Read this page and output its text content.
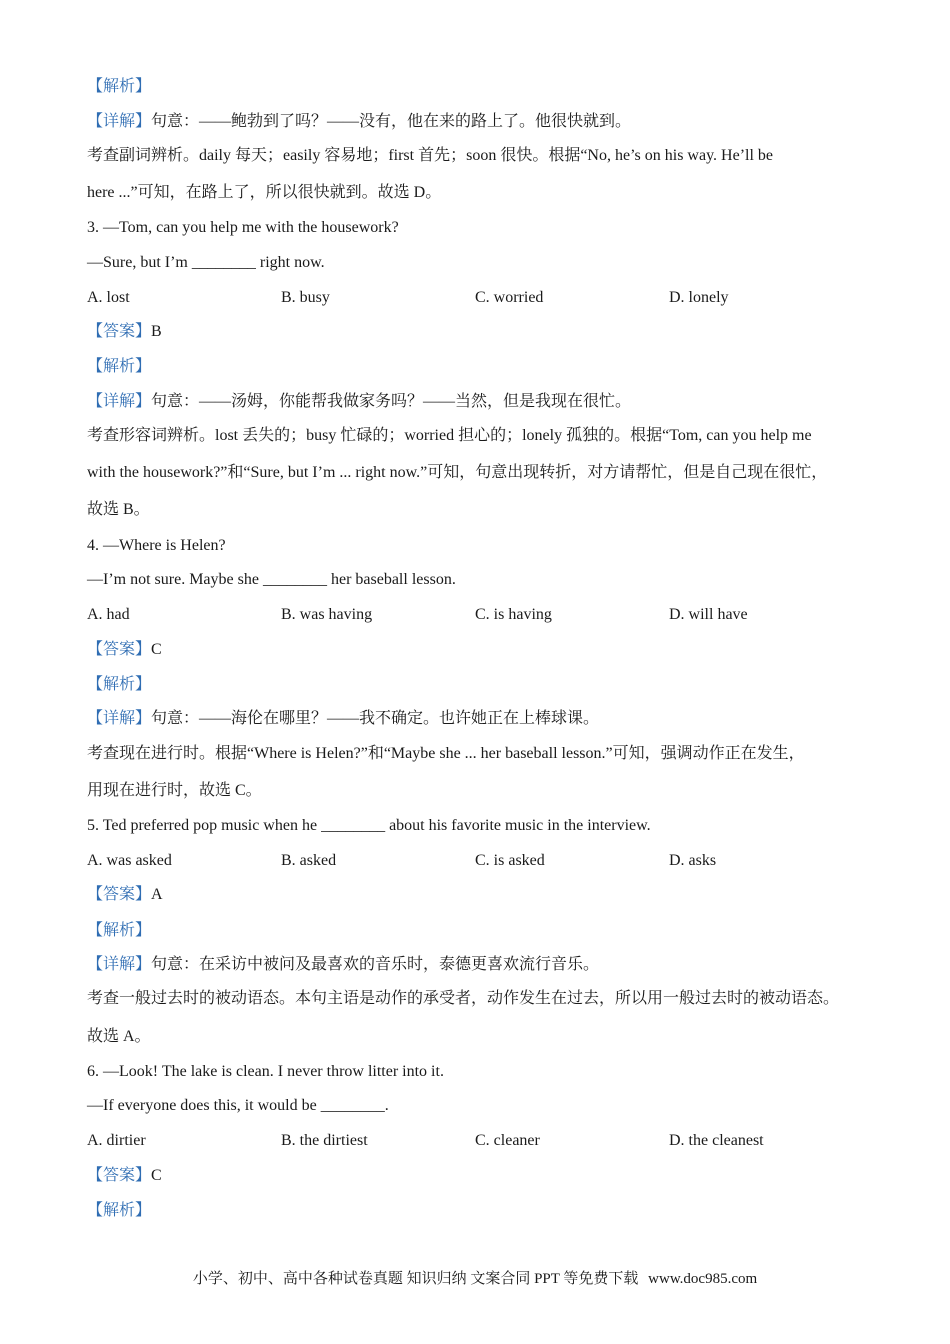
【解析】
【详解】句意：——鲍勃到了吗？——没有，他在来的路上了。他很快就到。
考查副词辨析。daily 每天；easily 容易地；first 首先；soon 很快。根据“No, he’s on his way. He’ll be
here ...”可知，在路上了，所以很快就到。故选 D。
3. —Tom, can you help me with the housework?
—Sure, but I’m ________ right now.
A. lost	B. busy	C. worried	D. lonely
【答案】B
【解析】
【详解】句意：——汤姆，你能帮我做家务吗？——当然，但是我现在很忙。
考查形容词辨析。lost 丢失的；busy 忙碌的；worried 担心的；lonely 孤独的。根据“Tom, can you help me
with the housework?”和“Sure, but I’m ... right now.”可知，句意出现转折，对方请帮忙，但是自己现在很忙，
故选 B。
4. —Where is Helen?
—I’m not sure. Maybe she ________ her baseball lesson.
A. had	B. was having	C. is having	D. will have
【答案】C
【解析】
【详解】句意：——海伦在哪里？——我不确定。也许她正在上棒球课。
考查现在进行时。根据“Where is Helen?”和“Maybe she ... her baseball lesson.”可知，强调动作正在发生，
用现在进行时，故选 C。
5. Ted preferred pop music when he ________ about his favorite music in the interview.
A. was asked	B. asked	C. is asked	D. asks
【答案】A
【解析】
【详解】句意：在采访中被问及最喜欢的音乐时，泰德更喜欢流行音乐。
考查一般过去时的被动语态。本句主语是动作的承受者，动作发生在过去，所以用一般过去时的被动语态。
故选 A。
6. —Look! The lake is clean. I never throw litter into it.
—If everyone does this, it would be ________.
A. dirtier	B. the dirtiest	C. cleaner	D. the cleanest
【答案】C
【解析】
小学、初中、高中各种试卷真题 知识归纳 文案合同 PPT 等免费下载 www.doc985.com
